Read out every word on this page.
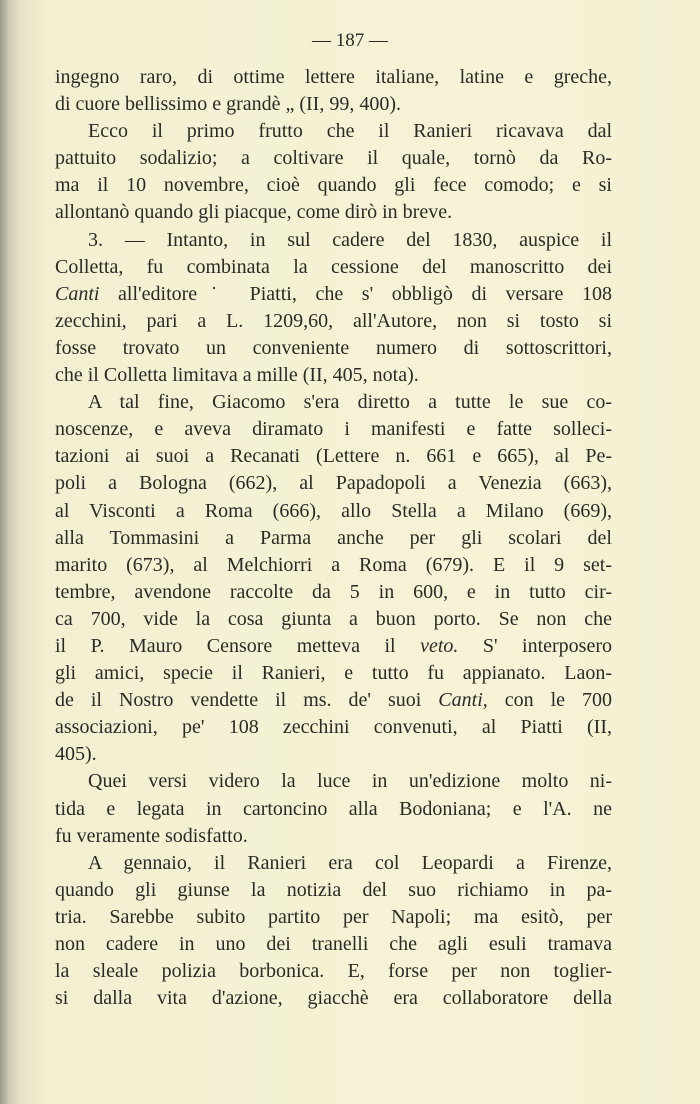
— 187 —
ingegno raro, di ottime lettere italiane, latine e greche,
di cuore bellissimo e grandè „ (II, 99, 400).
Ecco il primo frutto che il Ranieri ricavava dal
pattuito sodalizio; a coltivare il quale, tornò da Ro-
ma il 10 novembre, cioè quando gli fece comodo; e si
allontanò quando gli piacque, come dirò in breve.
3. — Intanto, in sul cadere del 1830, auspice il
Colletta, fu combinata la cessione del manoscritto dei
Canti all'editore˙ Piatti, che s' obbligò di versare 108
zecchini, pari a L. 1209,60, all'Autore, non si tosto si
fosse trovato un conveniente numero di sottoscrittori,
che il Colletta limitava a mille (II, 405, nota).
A tal fine, Giacomo s'era diretto a tutte le sue co-
noscenze, e aveva diramato i manifesti e fatte solleci-
tazioni ai suoi a Recanati (Lettere n. 661 e 665), al Pe-
poli a Bologna (662), al Papadopoli a Venezia (663),
al Visconti a Roma (666), allo Stella a Milano (669),
alla Tommasini a Parma anche per gli scolari del
marito (673), al Melchiorri a Roma (679). E il 9 set-
tembre, avendone raccolte da 5 in 600, e in tutto cir-
ca 700, vide la cosa giunta a buon porto. Se non che
il P. Mauro Censore metteva il veto. S' interposero
gli amici, specie il Ranieri, e tutto fu appianato. Laon-
de il Nostro vendette il ms. de' suoi Canti, con le 700
associazioni, pe' 108 zecchini convenuti, al Piatti (II,
405).
Quei versi videro la luce in un'edizione molto ni-
tida e legata in cartoncino alla Bodoniana; e l'A. ne
fu veramente sodisfatto.
A gennaio, il Ranieri era col Leopardi a Firenze,
quando gli giunse la notizia del suo richiamo in pa-
tria. Sarebbe subito partito per Napoli; ma esitò, per
non cadere in uno dei tranelli che agli esuli tramava
la sleale polizia borbonica. E, forse per non toglier-
si dalla vita d'azione, giacchè era collaboratore della
